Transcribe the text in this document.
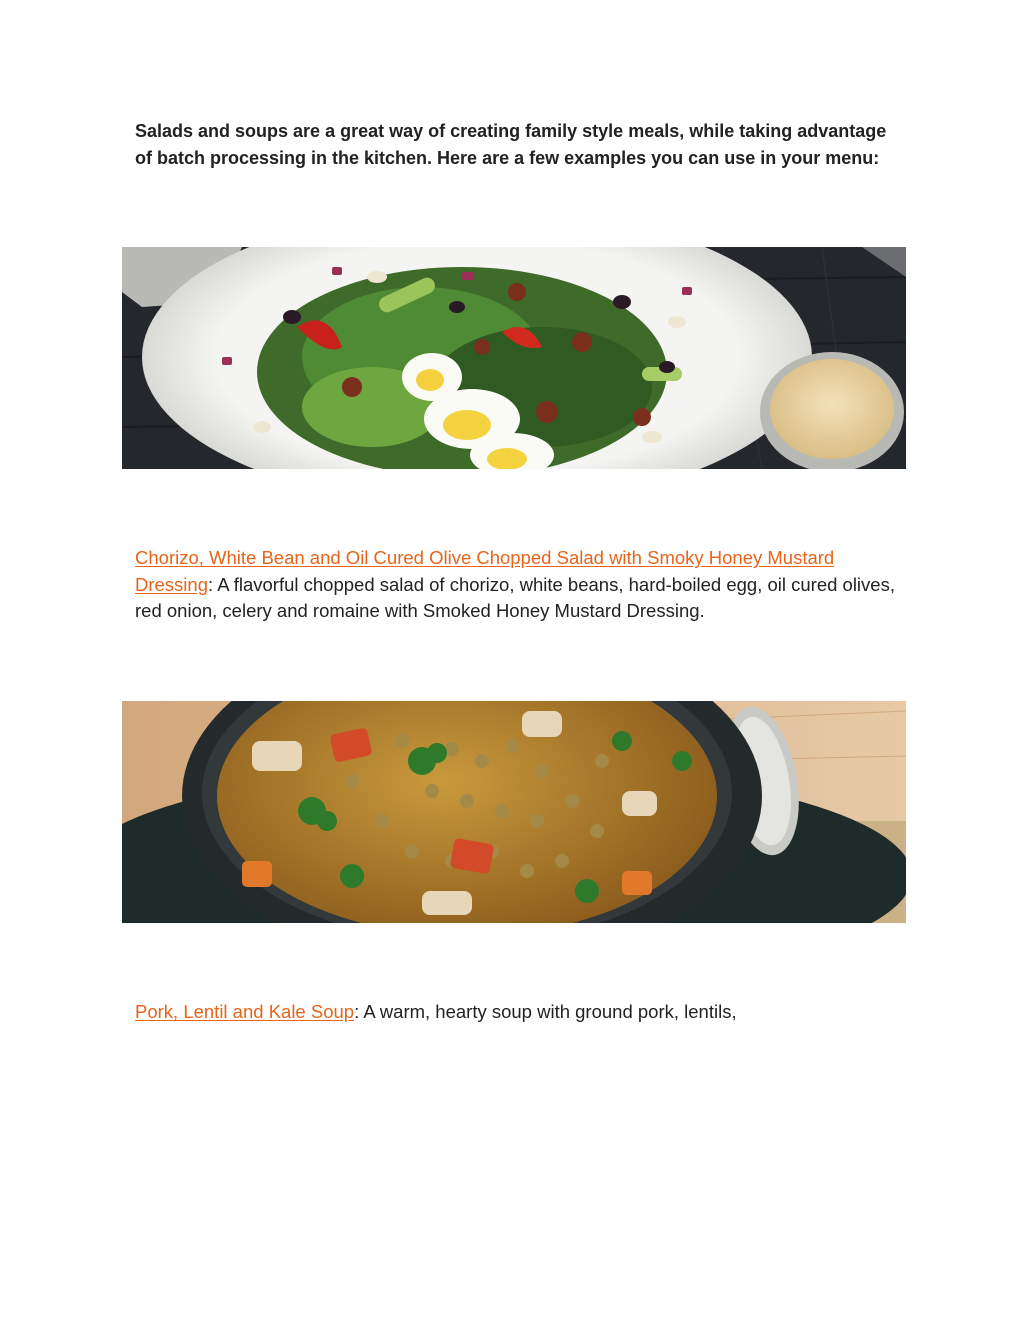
Salads and soups are a great way of creating family style meals, while taking advantage of batch processing in the kitchen. Here are a few examples you can use in your menu:

Chorizo, White Bean and Oil Cured Olive Chopped Salad with Smoky Honey Mustard Dressing: A flavorful chopped salad of chorizo, white beans, hard-boiled egg, oil cured olives, red onion, celery and romaine with Smoked Honey Mustard Dressing.

Pork, Lentil and Kale Soup: A warm, hearty soup with ground pork, lentils,
